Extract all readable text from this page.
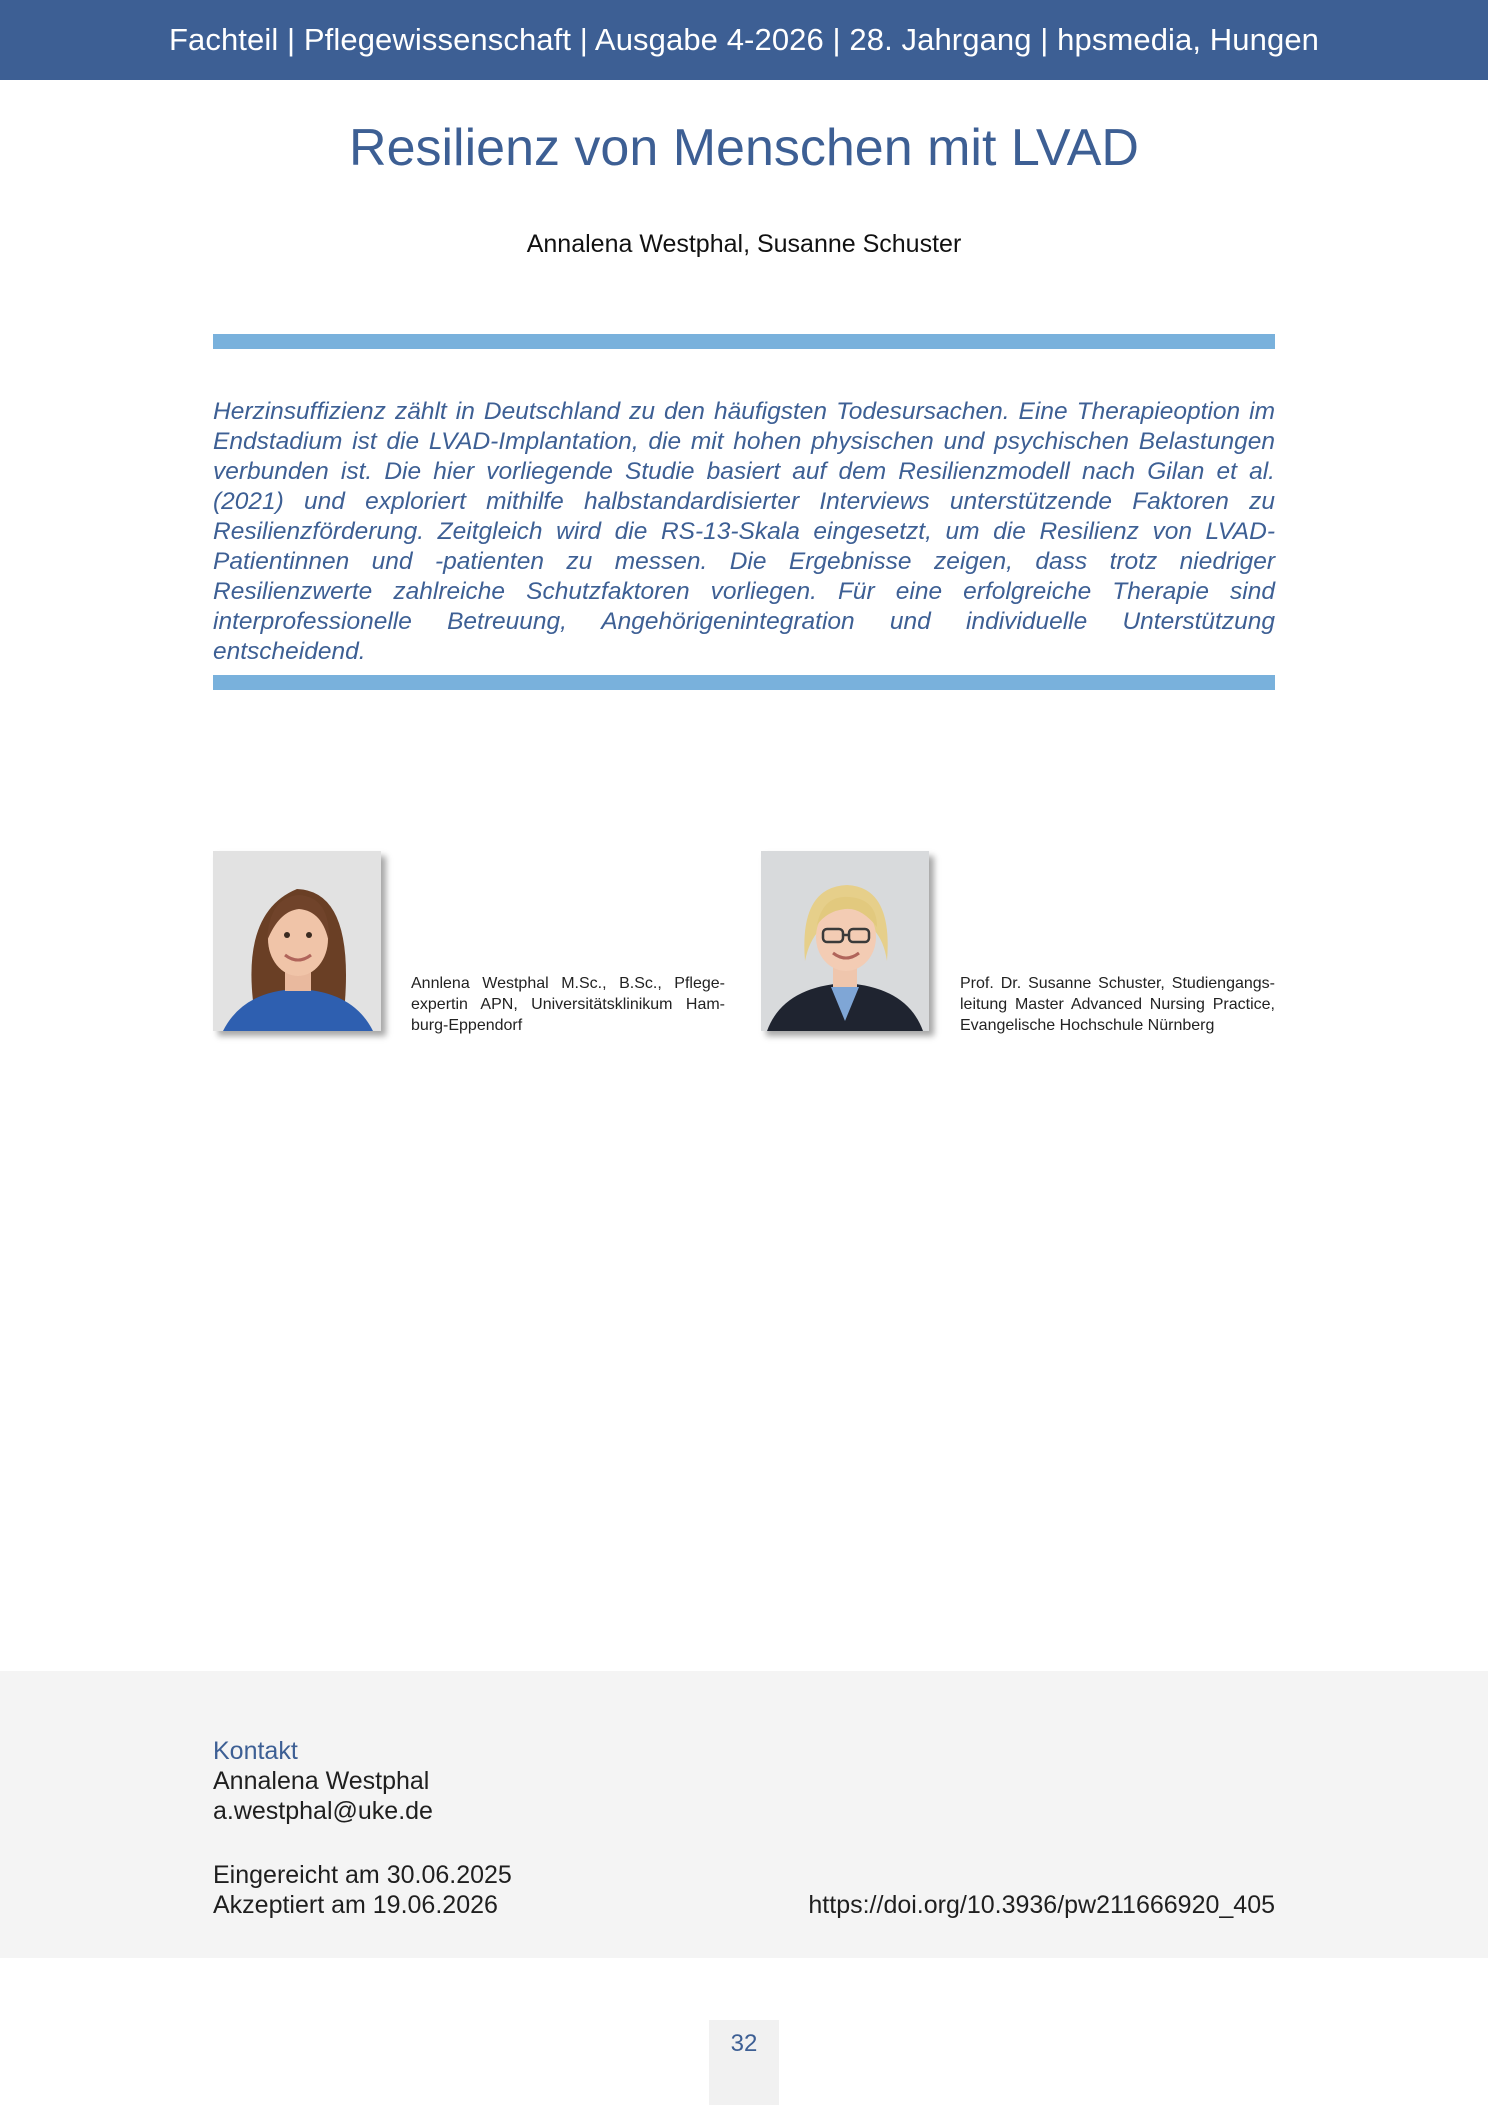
Fachteil | Pflegewissenschaft | Ausgabe 4-2026 | 28. Jahrgang | hpsmedia, Hungen
Resilienz von Menschen mit LVAD
Annalena Westphal, Susanne Schuster

Herzinsuffizienz zählt in Deutschland zu den häufigsten Todesursachen. Eine Therapieoption im Endstadium ist die LVAD-Implantation, die mit hohen physischen und psychischen Belastungen verbunden ist. Die hier vorliegende Studie basiert auf dem Resilienzmodell nach Gilan et al. (2021) und exploriert mithilfe halbstandardisierter Interviews unterstützende Faktoren zu Resilienzförderung. Zeitgleich wird die RS-13-Skala eingesetzt, um die Resilienz von LVAD-Patientinnen und -patienten zu messen. Die Ergebnisse zeigen, dass trotz niedriger Resilienzwerte zahlreiche Schutzfaktoren vorliegen. Für eine erfolgreiche Therapie sind interprofessionelle Betreuung, Angehörigenintegration und individuelle Unterstützung entscheidend.

Annlena Westphal M.Sc., B.Sc., Pflegeexpertin APN, Universitätsklinikum Hamburg-Eppendorf
Prof. Dr. Susanne Schuster, Studiengangsleitung Master Advanced Nursing Practice, Evangelische Hochschule Nürnberg
Kontakt
Annalena Westphal
a.westphal@uke.de
Eingereicht am 30.06.2025
Akzeptiert am 19.06.2026	https://doi.org/10.3936/pw211666920_405
32
